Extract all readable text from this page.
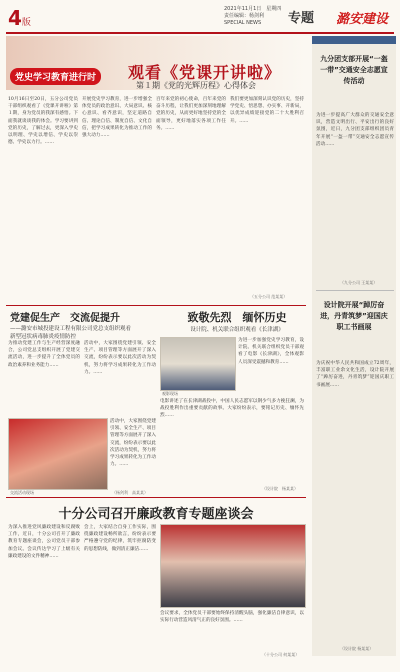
4版
2021年11月1日　星期四
责任编辑：杨剑利
SPECIAL NEWS	专题 潞安建设
党史学习教育进行时	观看《党课开讲啦》
第１期《党的光辉历程》心得体会
10月16日至20日，五分公司党员干部组织观看了《党课开讲啦》第１期，身为党员的我深有感悟。下面我就谈谈我的体会。学习要讲到党的历史，了解过去，更深入学史以明理、学史以增信、学史以崇德、学史以力行。……
开展党史学习教育，进一步增强全体党员的政治意识、大局意识、核心意识、看齐意识，坚定道路自信、理论自信、制度自信、文化自信，把学习成果转化为推动工作的强大动力……
百年来党的初心使命，百年来党的奋斗历程，让我们更加深刻地理解党的历史，从而更好地坚持党的全面领导，更好地落实各项工作任务。……
我们要更加深刻认识党的历史，坚持学党史、悟思想、办实事、开新局，以优异成绩迎接党的二十大胜利召开。……
（五分公司 范某某）
党建促生产　交流促提升
——潞安市城投建设工程有限公司党总支组织观看
新型冠状病毒肺炎疫情防控
为推动党建工作与生产经营深度融合，公司党总支组织开展了党建交流活动，进一步提升了全体党员的政治素养和业务能力……
活动中，大家围绕党建引领、安全生产、项目管理等方面展开了深入交流，纷纷表示要以此次活动为契机，努力将学习成果转化为工作动力。……
交流活动现场
活动中，大家围绕党建引领、安全生产、项目管理等方面展开了深入交流，纷纷表示要以此次活动为契机，努力将学习成果转化为工作动力。……
（杨剑利　高某某）
致敬先烈　缅怀历史
设计院、机关联合组织观看《长津湖》
观影现场
为进一步加强党史学习教育，设计院、机关联合组织党员干部观看了电影《长津湖》，全体观影人员深受震撼和教育……
电影讲述了在长津湖战役中，中国人民志愿军以钢少气多力挽狂澜，为战役胜利作出重要贡献的故事。大家纷纷表示，要铭记历史、缅怀先烈……
（设计院　杨某某）
十分公司召开廉政教育专题座谈会
为深入推进党风廉政建设和反腐败工作，近日，十分公司召开了廉政教育专题座谈会，公司党员干部参加会议。会议传达学习了上级有关廉政建设的文件精神……
会上，大家结合自身工作实际，围绕廉政建设畅所欲言，纷纷表示要严格遵守党的纪律，筑牢拒腐防变的思想防线，做到清正廉洁……
会议要求，全体党员干部要始终保持清醒头脑，强化廉洁自律意识，以实际行动营造风清气正的良好氛围。……
（十分公司 何某某）
九分团支部开展“一盔一带”交通安全志愿宣传活动
为进一步提高广大群众的交通安全意识，营造文明出行、平安出行的良好氛围，近日，九分团支部组织团员青年开展“一盔一带”交通安全志愿宣传活动……
（九分公司 王某某）
设计院开展“踔厉奋进，丹青筑梦”迎国庆职工书画展
为庆祝中华人民共和国成立72周年，丰富职工业余文化生活，设计院开展了“踔厉奋进，丹青筑梦”迎国庆职工书画展……
（设计院 杨某某）
